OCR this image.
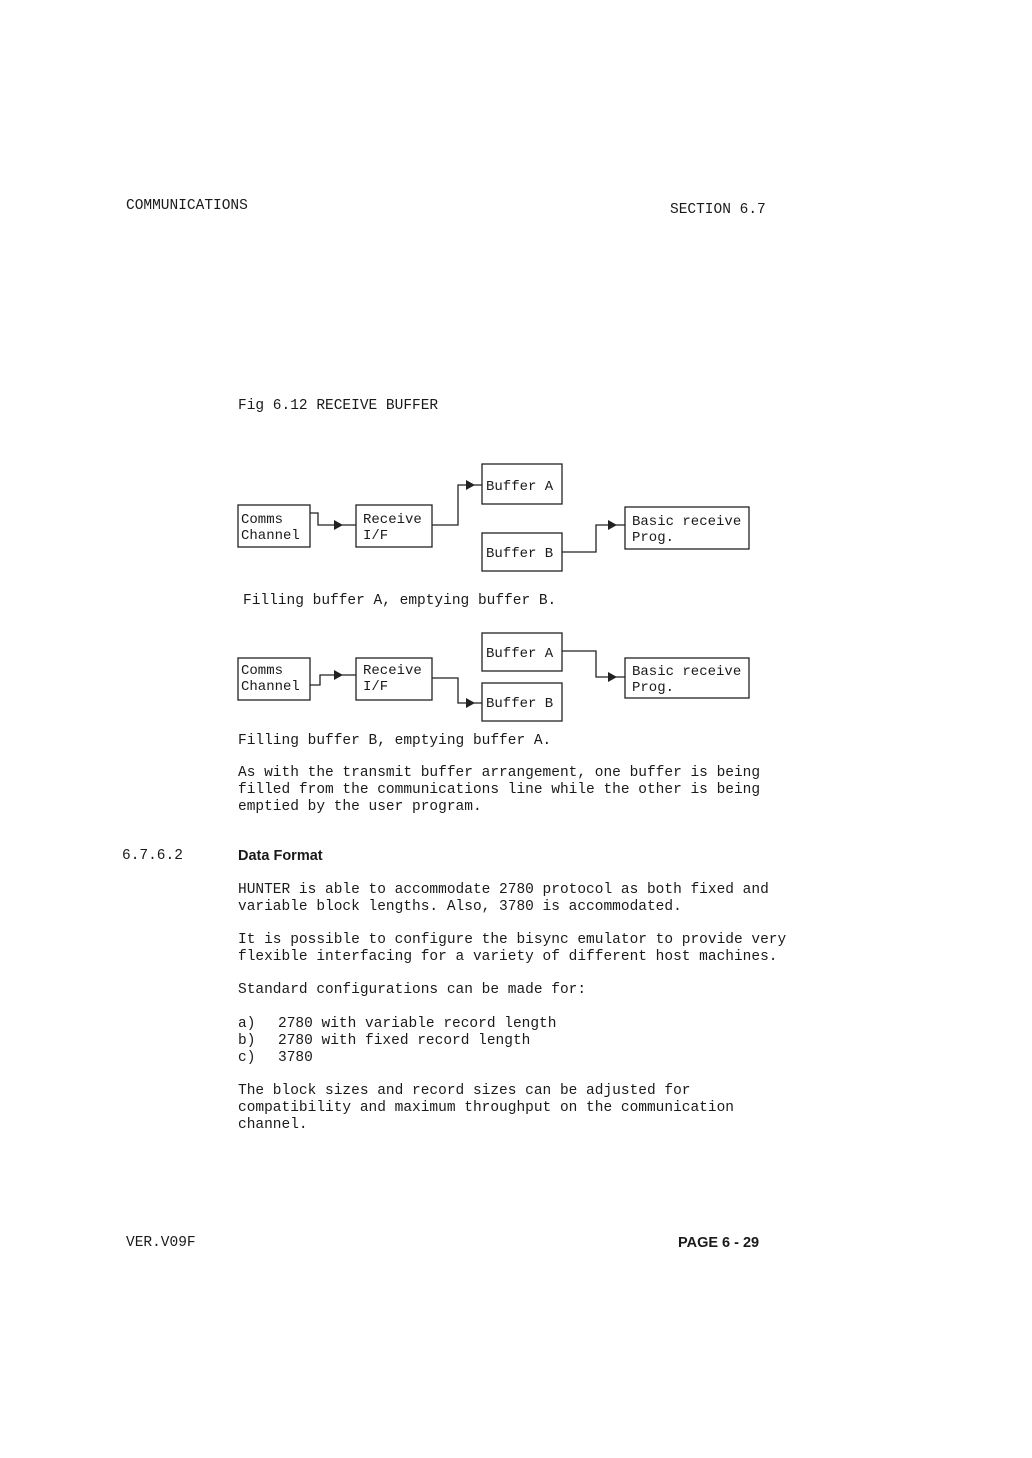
COMMUNICATIONS	SECTION 6.7
Fig 6.12 RECEIVE BUFFER
Comms
Channel
Receive
I/F
Buffer A
Buffer B
Basic receive
Prog.
Filling buffer A, emptying buffer B.
Comms
Channel
Receive
I/F
Buffer A
Buffer B
Basic receive
Prog.
Filling buffer B, emptying buffer A.
As with the transmit buffer arrangement, one buffer is being
filled from the communications line while the other is being
emptied by the user program.
6.7.6.2	Data Format
HUNTER is able to accommodate 2780 protocol as both fixed and
variable block lengths. Also, 3780 is accommodated.
It is possible to configure the bisync emulator to provide very
flexible interfacing for a variety of different host machines.
Standard configurations can be made for:
a) 2780 with variable record length
b) 2780 with fixed record length
c) 3780
The block sizes and record sizes can be adjusted for
compatibility and maximum throughput on the communication
channel.
VER.V09F	PAGE 6 - 29
